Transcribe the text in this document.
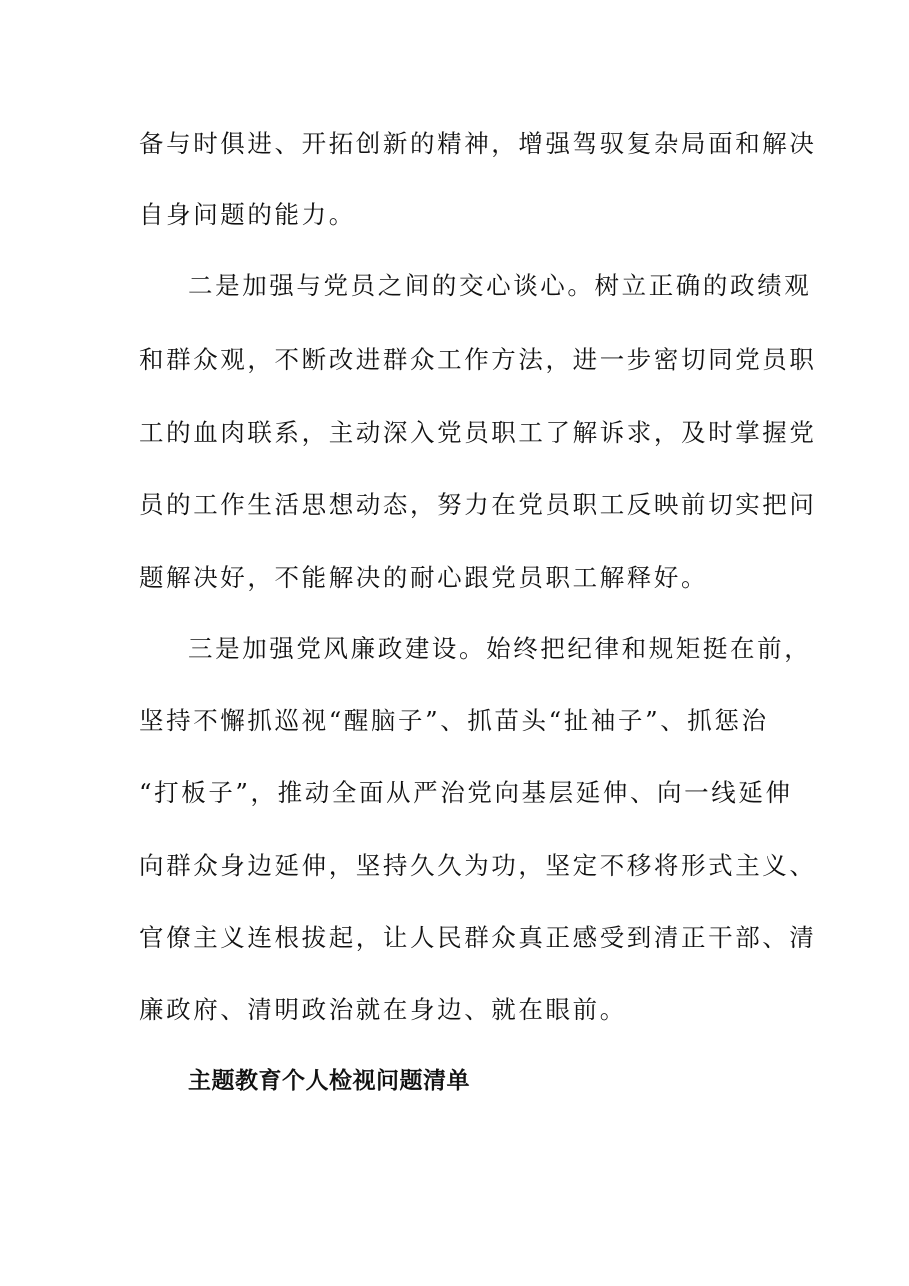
备与时俱进、开拓创新的精神，增强驾驭复杂局面和解决
自身问题的能力。
二是加强与党员之间的交心谈心。树立正确的政绩观
和群众观，不断改进群众工作方法，进一步密切同党员职
工的血肉联系，主动深入党员职工了解诉求，及时掌握党
员的工作生活思想动态，努力在党员职工反映前切实把问
题解决好，不能解决的耐心跟党员职工解释好。
三是加强党风廉政建设。始终把纪律和规矩挺在前，
坚持不懈抓巡视“醒脑子”、抓苗头“扯袖子”、抓惩治
“打板子”，推动全面从严治党向基层延伸、向一线延伸
向群众身边延伸，坚持久久为功，坚定不移将形式主义、
官僚主义连根拔起，让人民群众真正感受到清正干部、清
廉政府、清明政治就在身边、就在眼前。
主题教育个人检视问题清单
